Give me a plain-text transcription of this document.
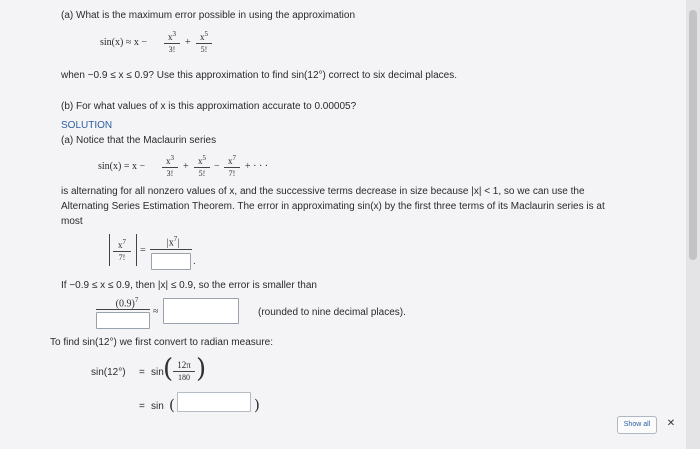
(a) What is the maximum error possible in using the approximation
sin(x) ≈ x −	$x^3$
3!
+	$x^5$
5!
when −0.9 ≤ x ≤ 0.9? Use this approximation to find sin(12°) correct to six decimal places.
(b) For what values of x is this approximation accurate to 0.00005?
SOLUTION
(a) Notice that the Maclaurin series
sin(x) = x −	$x^3$
3!
+	$x^5$
5!
− $x^7$
7!
+ · · ·
is alternating for all nonzero values of x, and the successive terms decrease in size because |x| < 1, so we can use the
Alternating Series Estimation Theorem. The error in approximating sin(x) by the first three terms of its Maclaurin series is at
most
$x^7$
7!
=
$|x^7|$
.
If −0.9 ≤ x ≤ 0.9, then |x| ≤ 0.9, so the error is smaller than
$(0.9)^7$
≈	(rounded to nine decimal places).
To find sin(12°) we first convert to radian measure:
sin(12°) = sin ( 12π
180 )
= sin (	)
Show all	✕
